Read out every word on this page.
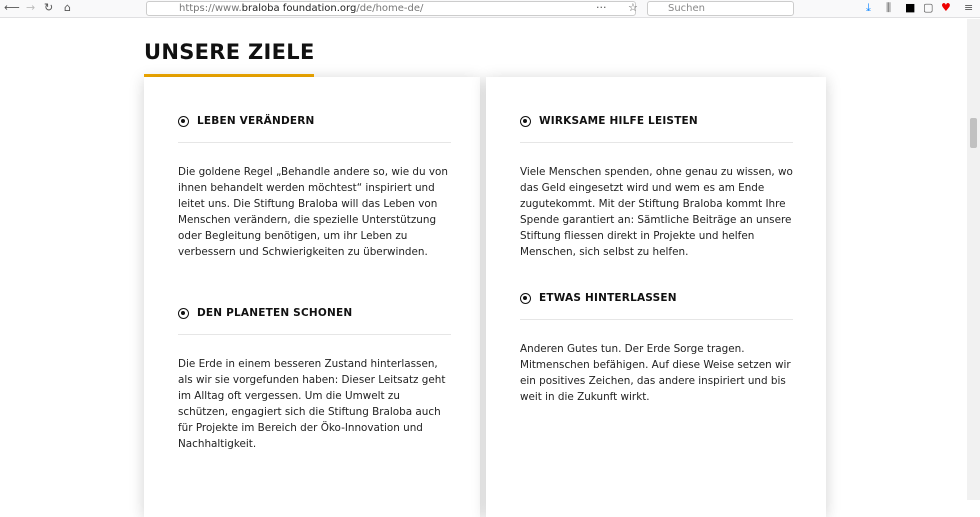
⟵ → ↻ ⌂	https://www.braloba foundation.org/de/home-de/	··· ☆	Suchen	⤓ ⫼ ■ ▢ ♥ ≡
UNSERE ZIELE
LEBEN VERÄNDERN

Die goldene Regel „Behandle andere so, wie du von ihnen behandelt werden möchtest“ inspiriert und leitet uns. Die Stiftung Braloba will das Leben von Menschen verändern, die spezielle Unterstützung oder Begleitung benötigen, um ihr Leben zu verbessern und Schwierigkeiten zu überwinden.

DEN PLANETEN SCHONEN

Die Erde in einem besseren Zustand hinterlassen, als wir sie vorgefunden haben: Dieser Leitsatz geht im Alltag oft vergessen. Um die Umwelt zu schützen, engagiert sich die Stiftung Braloba auch für Projekte im Bereich der Öko-Innovation und Nachhaltigkeit.

WIRKSAME HILFE LEISTEN

Viele Menschen spenden, ohne genau zu wissen, wo das Geld eingesetzt wird und wem es am Ende zugutekommt. Mit der Stiftung Braloba kommt Ihre Spende garantiert an: Sämtliche Beiträge an unsere Stiftung fliessen direkt in Projekte und helfen Menschen, sich selbst zu helfen.

ETWAS HINTERLASSEN

Anderen Gutes tun. Der Erde Sorge tragen. Mitmenschen befähigen. Auf diese Weise setzen wir ein positives Zeichen, das andere inspiriert und bis weit in die Zukunft wirkt.
